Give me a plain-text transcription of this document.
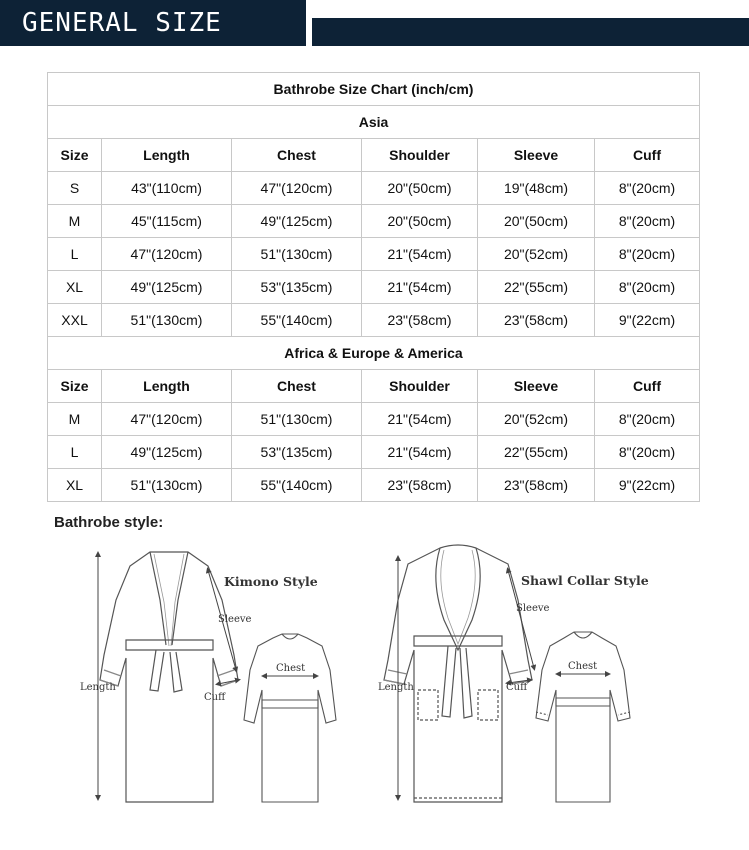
GENERAL SIZE
Bathrobe Size Chart (inch/cm)					
Asia					
Size	Length	Chest	Shoulder	Sleeve	Cuff
S	43"(110cm)	47"(120cm)	20"(50cm)	19"(48cm)	8"(20cm)
M	45"(115cm)	49"(125cm)	20"(50cm)	20"(50cm)	8"(20cm)
L	47"(120cm)	51"(130cm)	21"(54cm)	20"(52cm)	8"(20cm)
XL	49"(125cm)	53"(135cm)	21"(54cm)	22"(55cm)	8"(20cm)
XXL	51"(130cm)	55"(140cm)	23"(58cm)	23"(58cm)	9"(22cm)
Africa & Europe & America					
Size	Length	Chest	Shoulder	Sleeve	Cuff
M	47"(120cm)	51"(130cm)	21"(54cm)	20"(52cm)	8"(20cm)
L	49"(125cm)	53"(135cm)	21"(54cm)	22"(55cm)	8"(20cm)
XL	51"(130cm)	55"(140cm)	23"(58cm)	23"(58cm)	9"(22cm)
Bathrobe style:
Length
Sleeve
Cuff
Kimono Style
Chest
Length
Sleeve
Cuff
Shawl Collar Style
Chest
